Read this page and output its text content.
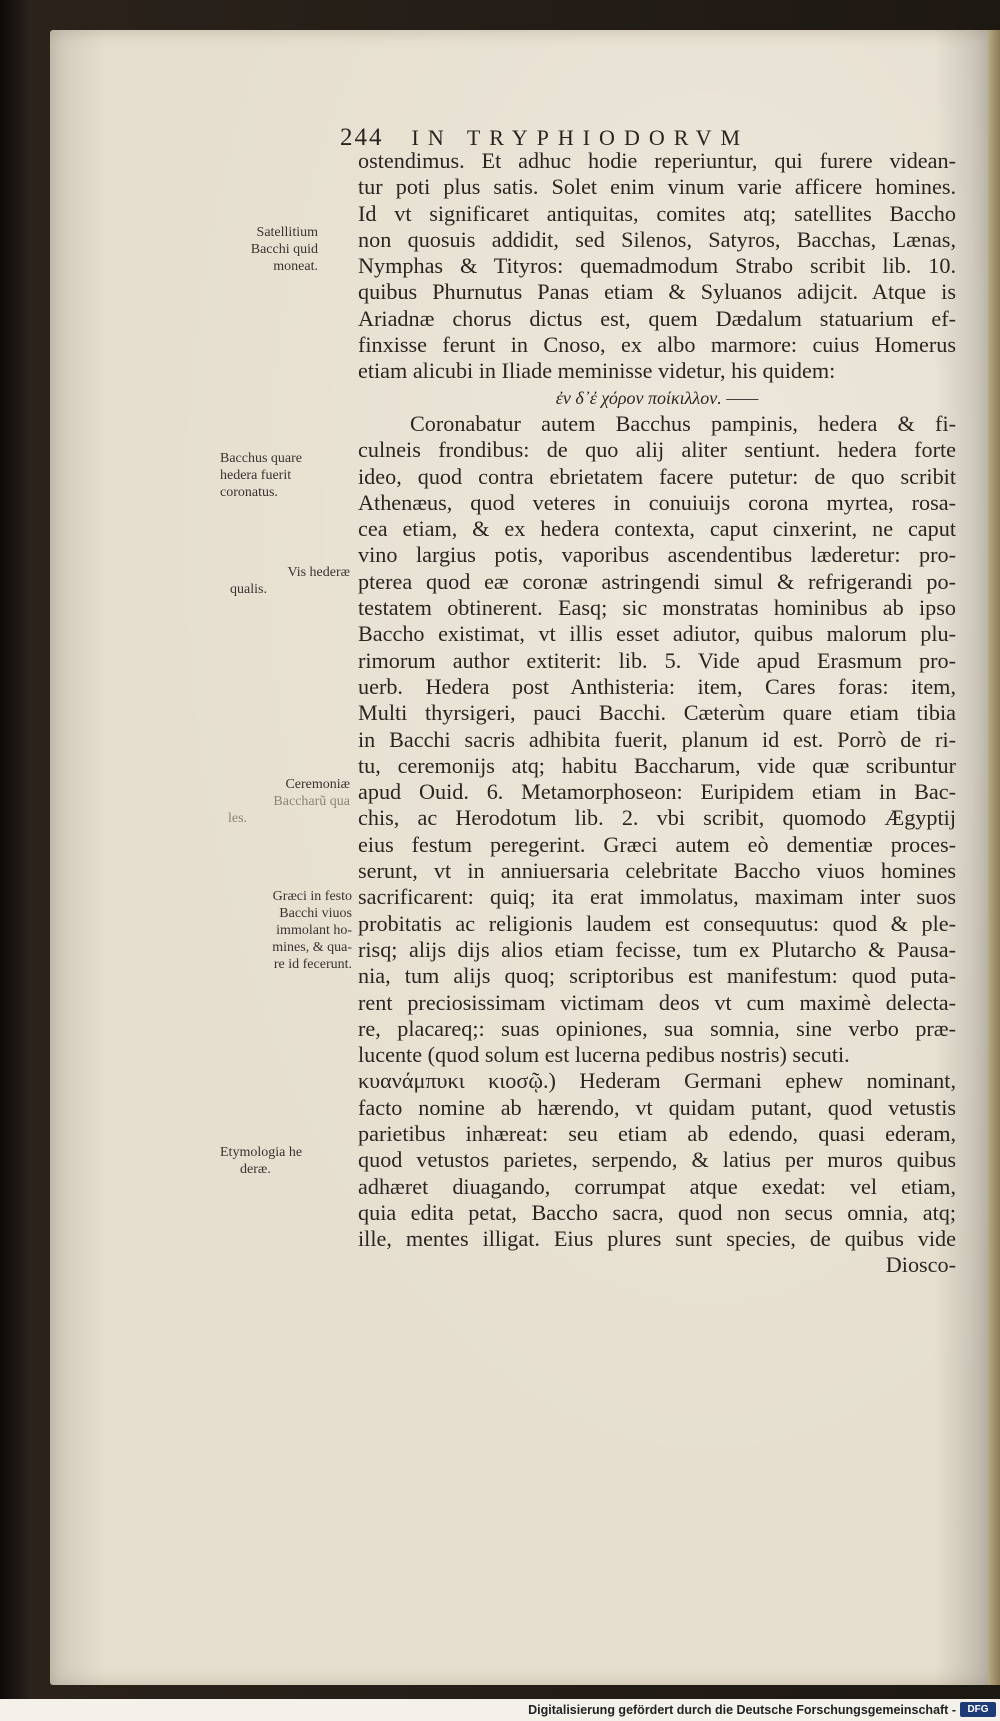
244 IN TRYPHIODORVM
ostendimus. Et adhuc hodie reperiuntur, qui furere videan-
tur poti plus satis. Solet enim vinum varie afficere homines.
Id vt significaret antiquitas, comites atq; satellites Baccho
non quosuis addidit, sed Silenos, Satyros, Bacchas, Lænas,
Nymphas & Tityros: quemadmodum Strabo scribit lib. 10.
quibus Phurnutus Panas etiam & Syluanos adijcit. Atque is
Ariadnæ chorus dictus est, quem Dædalum statuarium ef-
finxisse ferunt in Cnoso, ex albo marmore: cuius Homerus
etiam alicubi in Iliade meminisse videtur, his quidem:
ἐν δ᾽ἐ χόρον ποίκιλλον. ——
Coronabatur autem Bacchus pampinis, hedera & fi-
culneis frondibus: de quo alij aliter sentiunt. hedera forte
ideo, quod contra ebrietatem facere putetur: de quo scribit
Athenæus, quod veteres in conuiuijs corona myrtea, rosa-
cea etiam, & ex hedera contexta, caput cinxerint, ne caput
vino largius potis, vaporibus ascendentibus læderetur: pro-
pterea quod eæ coronæ astringendi simul & refrigerandi po-
testatem obtinerent. Easq; sic monstratas hominibus ab ipso
Baccho existimat, vt illis esset adiutor, quibus malorum plu-
rimorum author extiterit: lib. 5. Vide apud Erasmum pro-
uerb. Hedera post Anthisteria: item, Cares foras: item,
Multi thyrsigeri, pauci Bacchi. Cæterùm quare etiam tibia
in Bacchi sacris adhibita fuerit, planum id est. Porrò de ri-
tu, ceremonijs atq; habitu Baccharum, vide quæ scribuntur
apud Ouid. 6. Metamorphoseon: Euripidem etiam in Bac-
chis, ac Herodotum lib. 2. vbi scribit, quomodo Ægyptij
eius festum peregerint. Græci autem eò dementiæ proces-
serunt, vt in anniuersaria celebritate Baccho viuos homines
sacrificarent: quiq; ita erat immolatus, maximam inter suos
probitatis ac religionis laudem est consequutus: quod & ple-
risq; alijs dijs alios etiam fecisse, tum ex Plutarcho & Pausa-
nia, tum alijs quoq; scriptoribus est manifestum: quod puta-
rent preciosissimam victimam deos vt cum maximè delecta-
re, placareq;: suas opiniones, sua somnia, sine verbo præ-
lucente (quod solum est lucerna pedibus nostris) secuti.
κυανάμπυκι κιοσῷ.) Hederam Germani ephew nominant,
facto nomine ab hærendo, vt quidam putant, quod vetustis
parietibus inhæreat: seu etiam ab edendo, quasi ederam,
quod vetustos parietes, serpendo, & latius per muros quibus
adhæret diuagando, corrumpat atque exedat: vel etiam,
quia edita petat, Baccho sacra, quod non secus omnia, atq;
ille, mentes illigat. Eius plures sunt species, de quibus vide
Diosco-
Satellitium
Bacchi quid
moneat.
Bacchus quare
hedera fuerit
coronatus.
Vis hederæ
qualis.
Ceremoniæ
Baccharũ qua
les.
Græci in festo
Bacchi viuos
immolant ho-
mines, & qua-
re id fecerunt.
Etymologia he
deræ.
Digitalisierung gefördert durch die Deutsche Forschungsgemeinschaft -	DFG
